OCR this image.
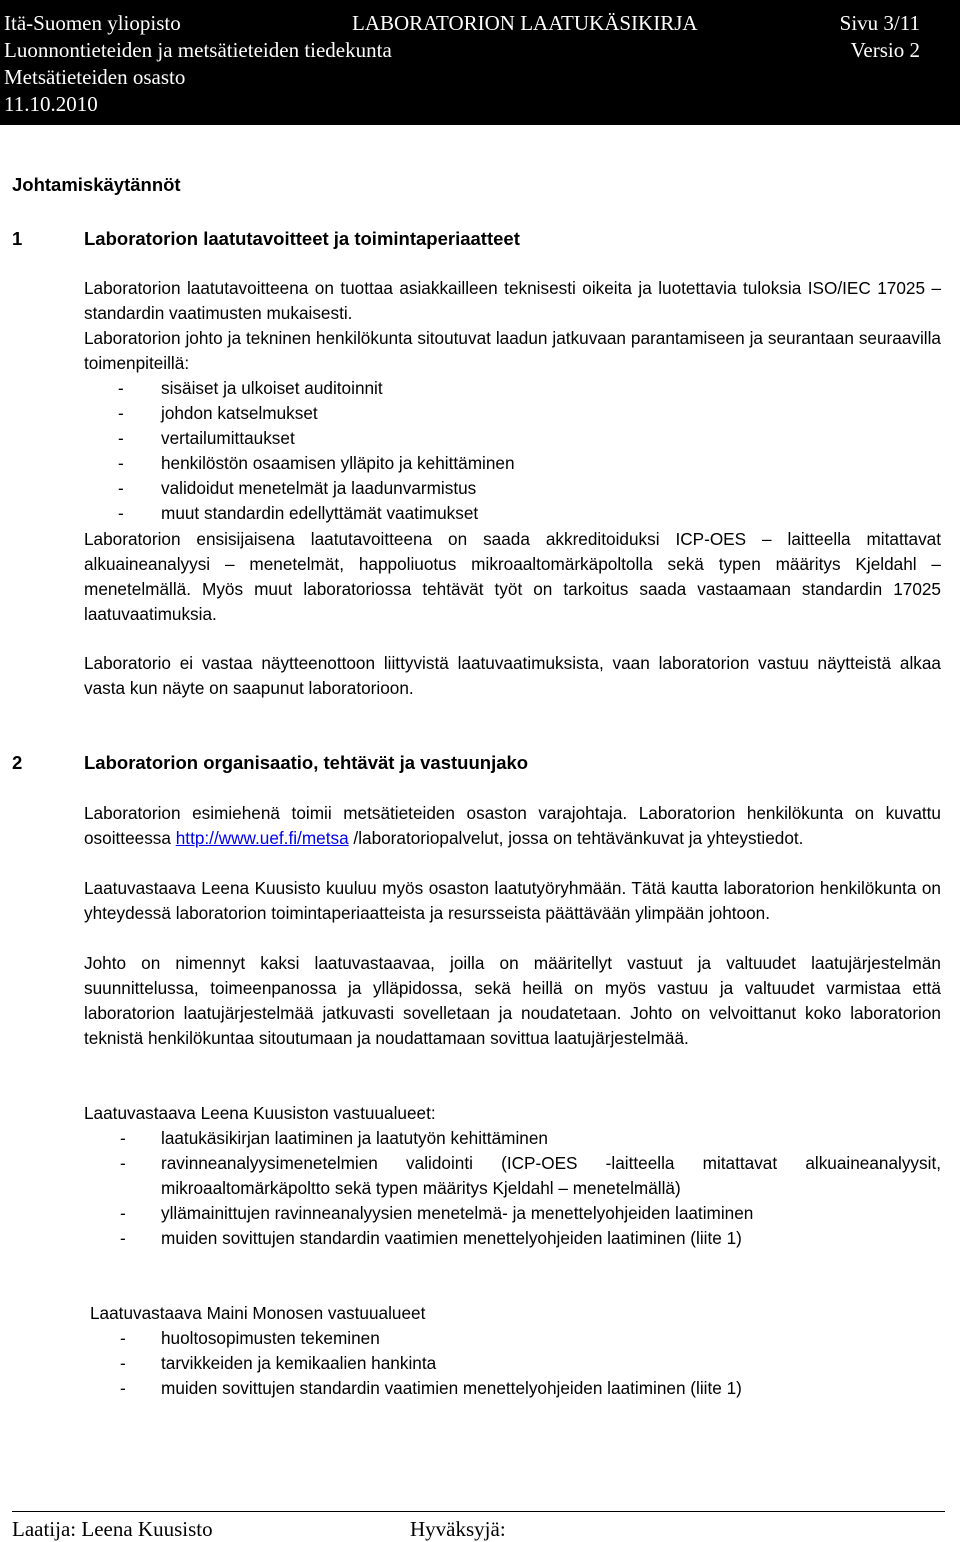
Itä-Suomen yliopisto	LABORATORION LAATUKÄSIKIRJA	Sivu 3/11
Luonnontieteiden ja metsätieteiden tiedekunta	Versio 2
Metsätieteiden osasto
11.10.2010
Johtamiskäytännöt
1	Laboratorion laatutavoitteet ja toimintaperiaatteet
Laboratorion laatutavoitteena on tuottaa asiakkailleen teknisesti oikeita ja luotettavia tuloksia ISO/IEC 17025 – standardin vaatimusten mukaisesti.
Laboratorion johto ja tekninen henkilökunta sitoutuvat laadun jatkuvaan parantamiseen ja seurantaan seuraavilla toimenpiteillä:
-	sisäiset ja ulkoiset auditoinnit
-	johdon katselmukset
-	vertailumittaukset
-	henkilöstön osaamisen ylläpito ja kehittäminen
-	validoidut menetelmät ja laadunvarmistus
-	muut standardin edellyttämät vaatimukset
Laboratorion ensisijaisena laatutavoitteena on saada akkreditoiduksi ICP-OES – laitteella mitattavat alkuaineanalyysi – menetelmät, happoliuotus mikroaaltomärkäpoltolla sekä typen määritys Kjeldahl – menetelmällä. Myös muut laboratoriossa tehtävät työt on tarkoitus saada vastaamaan standardin 17025 laatuvaatimuksia.
Laboratorio ei vastaa näytteenottoon liittyvistä laatuvaatimuksista, vaan laboratorion vastuu näytteistä alkaa vasta kun näyte on saapunut laboratorioon.
2	Laboratorion organisaatio, tehtävät ja vastuunjako
Laboratorion esimiehenä toimii metsätieteiden osaston varajohtaja. Laboratorion henkilökunta on kuvattu osoitteessa http://www.uef.fi/metsa /laboratoriopalvelut, jossa on tehtävänkuvat ja yhteystiedot.
Laatuvastaava Leena Kuusisto kuuluu myös osaston laatutyöryhmään. Tätä kautta laboratorion henkilökunta on yhteydessä laboratorion toimintaperiaatteista ja resursseista päättävään ylimpään johtoon.
Johto on nimennyt kaksi laatuvastaavaa, joilla on määritellyt vastuut ja valtuudet laatujärjestelmän suunnittelussa, toimeenpanossa ja ylläpidossa, sekä heillä on myös vastuu ja valtuudet varmistaa että laboratorion laatujärjestelmää jatkuvasti sovelletaan ja noudatetaan. Johto on velvoittanut koko laboratorion teknistä henkilökuntaa sitoutumaan ja noudattamaan sovittua laatujärjestelmää.
Laatuvastaava Leena Kuusiston vastuualueet:
-	laatukäsikirjan laatiminen ja laatutyön kehittäminen
-	ravinneanalyysimenetelmien validointi (ICP-OES -laitteella mitattavat alkuaineanalyysit, mikroaaltomärkäpoltto sekä typen määritys Kjeldahl – menetelmällä)
-	yllämainittujen ravinneanalyysien menetelmä- ja menettelyohjeiden laatiminen
-	muiden sovittujen standardin vaatimien menettelyohjeiden laatiminen (liite 1)
Laatuvastaava Maini Monosen vastuualueet
-	huoltosopimusten tekeminen
-	tarvikkeiden ja kemikaalien hankinta
-	muiden sovittujen standardin vaatimien menettelyohjeiden laatiminen (liite 1)
Laatija: Leena Kuusisto	Hyväksyjä:
